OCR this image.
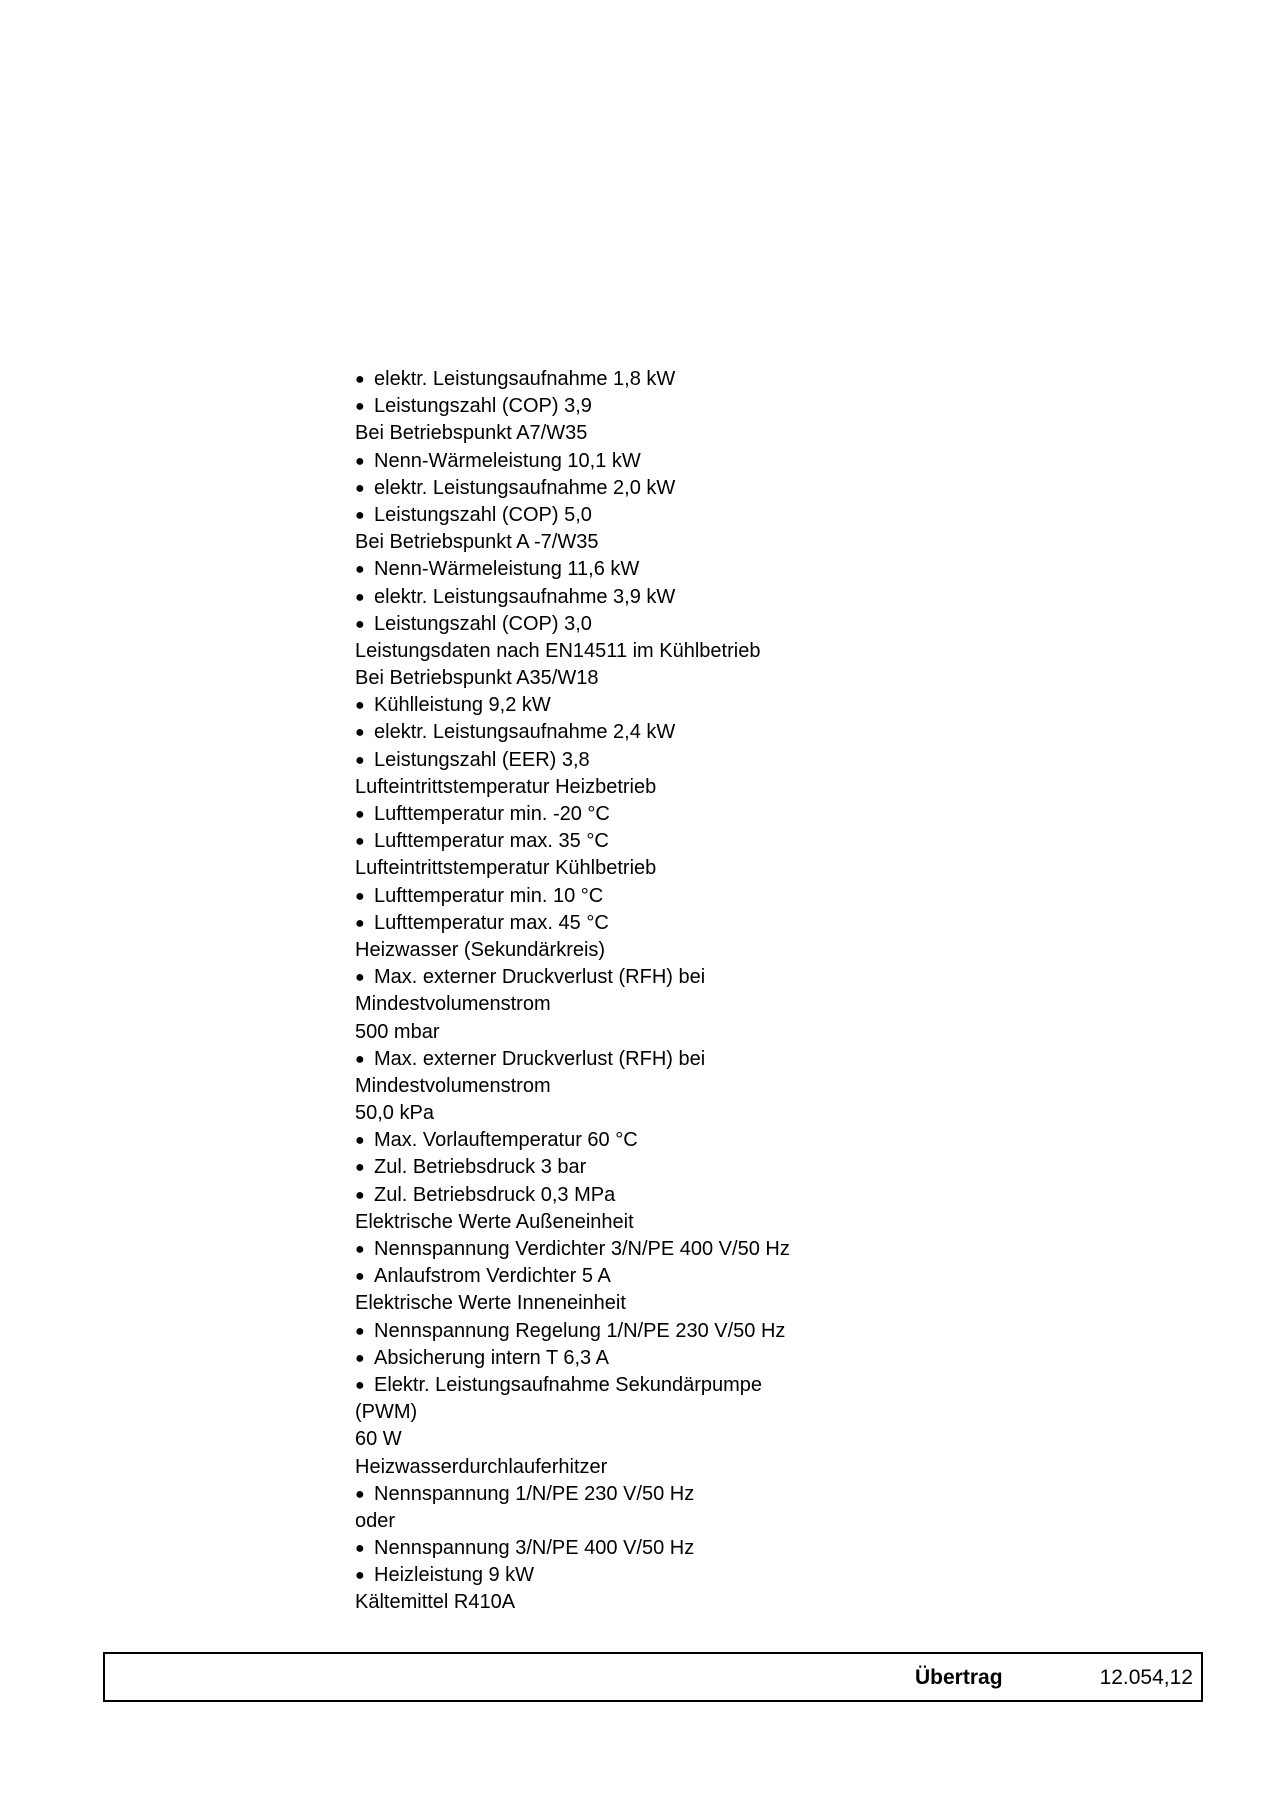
● elektr. Leistungsaufnahme 1,8 kW
● Leistungszahl (COP) 3,9
Bei Betriebspunkt A7/W35
● Nenn-Wärmeleistung 10,1 kW
● elektr. Leistungsaufnahme 2,0 kW
● Leistungszahl (COP) 5,0
Bei Betriebspunkt A -7/W35
● Nenn-Wärmeleistung 11,6 kW
● elektr. Leistungsaufnahme 3,9 kW
● Leistungszahl (COP) 3,0
Leistungsdaten nach EN14511 im Kühlbetrieb
Bei Betriebspunkt A35/W18
● Kühlleistung 9,2 kW
● elektr. Leistungsaufnahme 2,4 kW
● Leistungszahl (EER) 3,8
Lufteintrittstemperatur Heizbetrieb
● Lufttemperatur min. -20 °C
● Lufttemperatur max. 35 °C
Lufteintrittstemperatur Kühlbetrieb
● Lufttemperatur min. 10 °C
● Lufttemperatur max. 45 °C
Heizwasser (Sekundärkreis)
● Max. externer Druckverlust (RFH) bei
Mindestvolumenstrom
500 mbar
● Max. externer Druckverlust (RFH) bei
Mindestvolumenstrom
50,0 kPa
● Max. Vorlauftemperatur 60 °C
● Zul. Betriebsdruck 3 bar
● Zul. Betriebsdruck 0,3 MPa
Elektrische Werte Außeneinheit
● Nennspannung Verdichter 3/N/PE 400 V/50 Hz
● Anlaufstrom Verdichter 5 A
Elektrische Werte Inneneinheit
● Nennspannung Regelung 1/N/PE 230 V/50 Hz
● Absicherung intern T 6,3 A
● Elektr. Leistungsaufnahme Sekundärpumpe
(PWM)
60 W
Heizwasserdurchlauferhitzer
● Nennspannung 1/N/PE 230 V/50 Hz
oder
● Nennspannung 3/N/PE 400 V/50 Hz
● Heizleistung 9 kW
Kältemittel R410A
Übertrag	12.054,12
